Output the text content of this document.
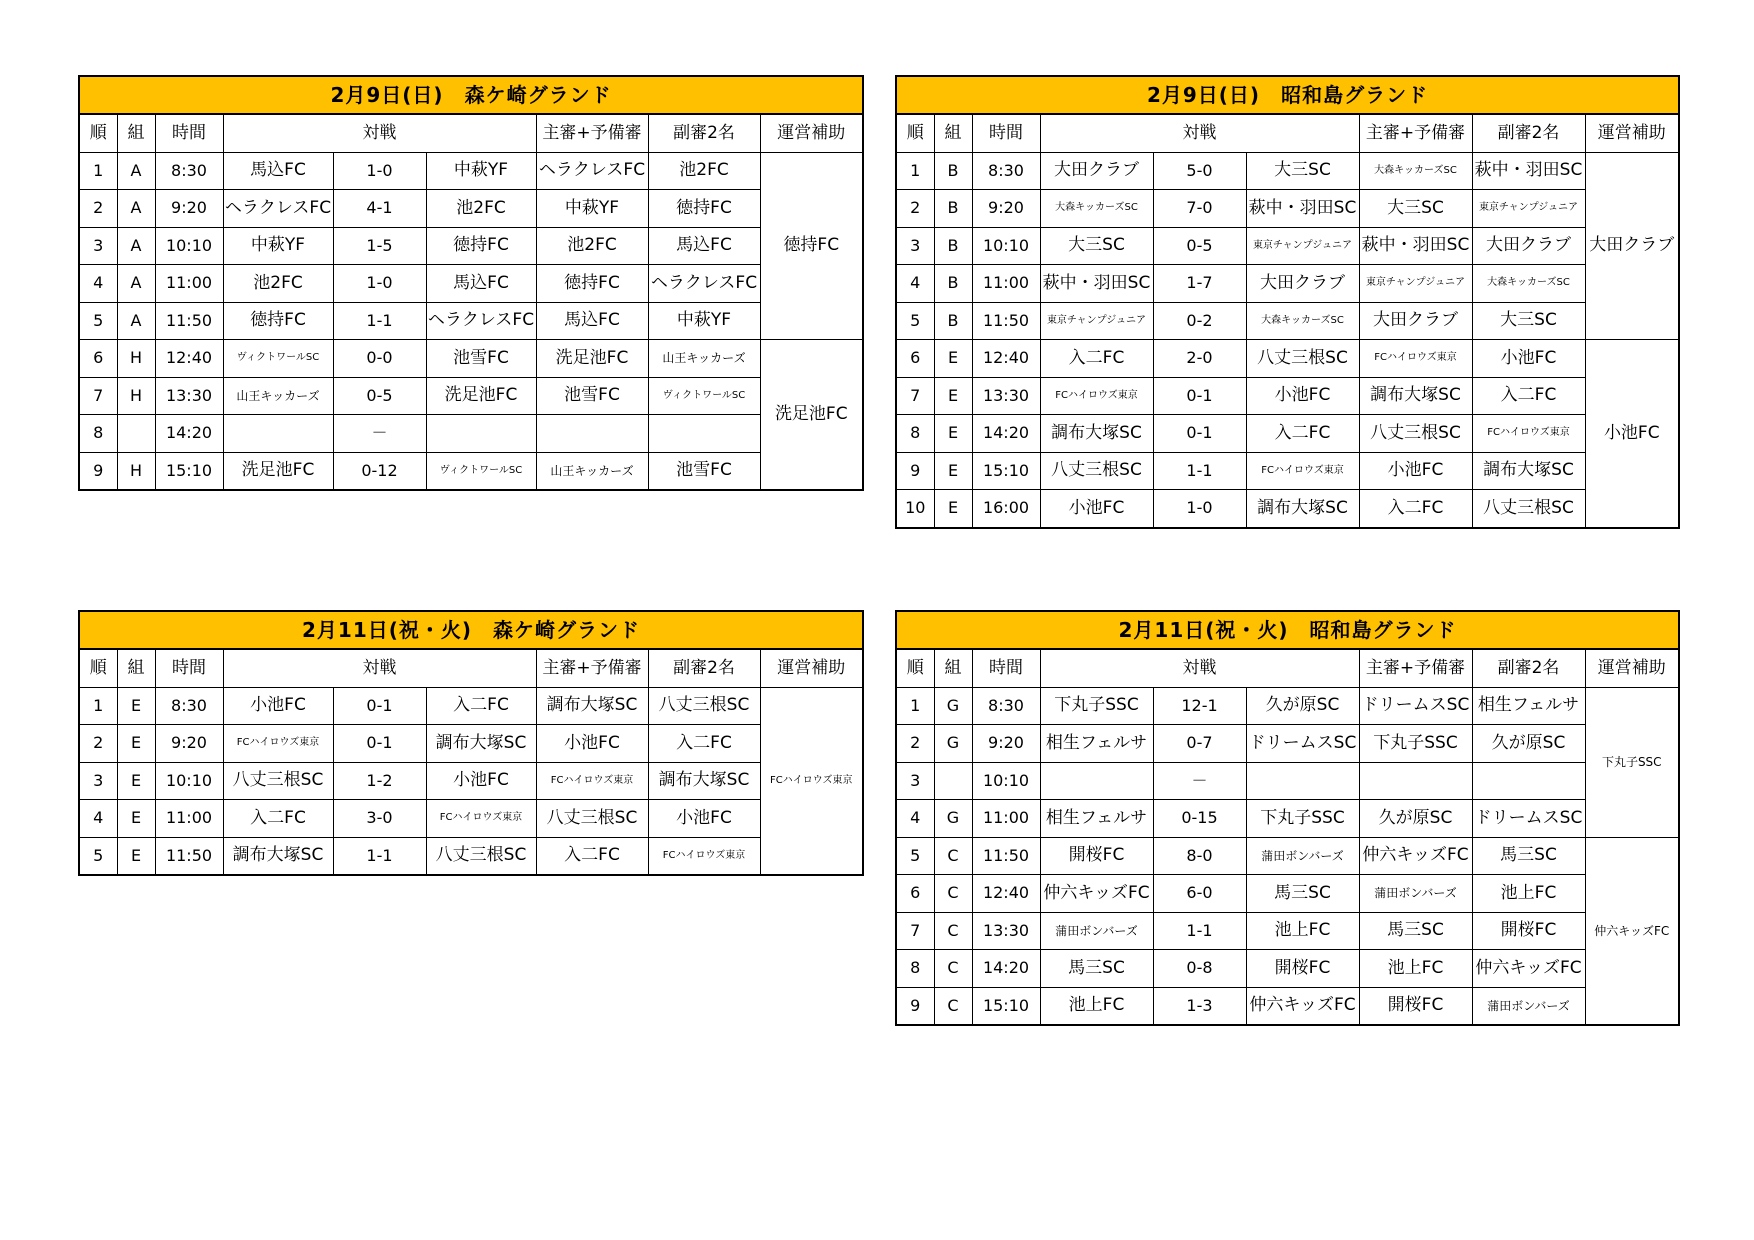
2月9日(日)　森ケ崎グランド								
順	組	時間	対戦			主審+予備審	副審2名	運営補助
1	A	8:30	馬込FC	1-0	中萩YF	ヘラクレスFC	池2FC	徳持FC
2	A	9:20	ヘラクレスFC	4-1	池2FC	中萩YF	徳持FC	
3	A	10:10	中萩YF	1-5	徳持FC	池2FC	馬込FC	
4	A	11:00	池2FC	1-0	馬込FC	徳持FC	ヘラクレスFC	
5	A	11:50	徳持FC	1-1	ヘラクレスFC	馬込FC	中萩YF	
6	H	12:40	ヴィクトワールSC	0-0	池雪FC	洗足池FC	山王キッカーズ	洗足池FC
7	H	13:30	山王キッカーズ	0-5	洗足池FC	池雪FC	ヴィクトワールSC	
8		14:20		－				
9	H	15:10	洗足池FC	0-12	ヴィクトワールSC	山王キッカーズ	池雪FC	
2月9日(日)　昭和島グランド								
順	組	時間	対戦			主審+予備審	副審2名	運営補助
1	B	8:30	大田クラブ	5-0	大三SC	大森キッカーズSC	萩中・羽田SC	大田クラブ
2	B	9:20	大森キッカーズSC	7-0	萩中・羽田SC	大三SC	東京チャンプジュニア	
3	B	10:10	大三SC	0-5	東京チャンプジュニア	萩中・羽田SC	大田クラブ	
4	B	11:00	萩中・羽田SC	1-7	大田クラブ	東京チャンプジュニア	大森キッカーズSC	
5	B	11:50	東京チャンプジュニア	0-2	大森キッカーズSC	大田クラブ	大三SC	
6	E	12:40	入二FC	2-0	八丈三根SC	FCハイロウズ東京	小池FC	小池FC
7	E	13:30	FCハイロウズ東京	0-1	小池FC	調布大塚SC	入二FC	
8	E	14:20	調布大塚SC	0-1	入二FC	八丈三根SC	FCハイロウズ東京	
9	E	15:10	八丈三根SC	1-1	FCハイロウズ東京	小池FC	調布大塚SC	
10	E	16:00	小池FC	1-0	調布大塚SC	入二FC	八丈三根SC	
2月11日(祝・火)　森ケ崎グランド								
順	組	時間	対戦			主審+予備審	副審2名	運営補助
1	E	8:30	小池FC	0-1	入二FC	調布大塚SC	八丈三根SC	FCハイロウズ東京
2	E	9:20	FCハイロウズ東京	0-1	調布大塚SC	小池FC	入二FC	
3	E	10:10	八丈三根SC	1-2	小池FC	FCハイロウズ東京	調布大塚SC	
4	E	11:00	入二FC	3-0	FCハイロウズ東京	八丈三根SC	小池FC	
5	E	11:50	調布大塚SC	1-1	八丈三根SC	入二FC	FCハイロウズ東京	
2月11日(祝・火)　昭和島グランド								
順	組	時間	対戦			主審+予備審	副審2名	運営補助
1	G	8:30	下丸子SSC	12-1	久が原SC	ドリームスSC	相生フェルサ	下丸子SSC
2	G	9:20	相生フェルサ	0-7	ドリームスSC	下丸子SSC	久が原SC	
3		10:10		－				
4	G	11:00	相生フェルサ	0-15	下丸子SSC	久が原SC	ドリームスSC	
5	C	11:50	開桜FC	8-0	蒲田ボンバーズ	仲六キッズFC	馬三SC	仲六キッズFC
6	C	12:40	仲六キッズFC	6-0	馬三SC	蒲田ボンバーズ	池上FC	
7	C	13:30	蒲田ボンバーズ	1-1	池上FC	馬三SC	開桜FC	
8	C	14:20	馬三SC	0-8	開桜FC	池上FC	仲六キッズFC	
9	C	15:10	池上FC	1-3	仲六キッズFC	開桜FC	蒲田ボンバーズ	
